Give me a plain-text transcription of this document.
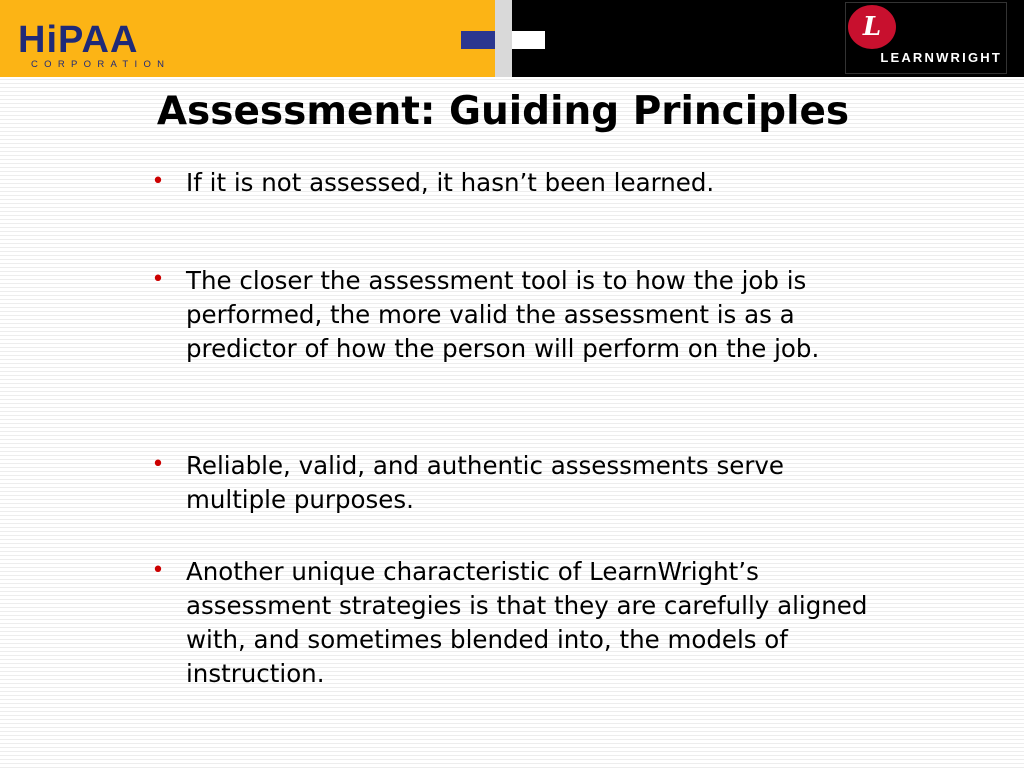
HiPAA
CORPORATION
L
LEARNWRIGHT
Assessment: Guiding Principles
• If it is not assessed, it hasn’t been learned.
• The closer the assessment tool is to how the job is performed, the more valid the assessment is as a predictor of how the person will perform on the job.
• Reliable, valid, and authentic assessments serve multiple purposes.
• Another unique characteristic of LearnWright’s assessment strategies is that they are carefully aligned with, and sometimes blended into, the models of instruction.
